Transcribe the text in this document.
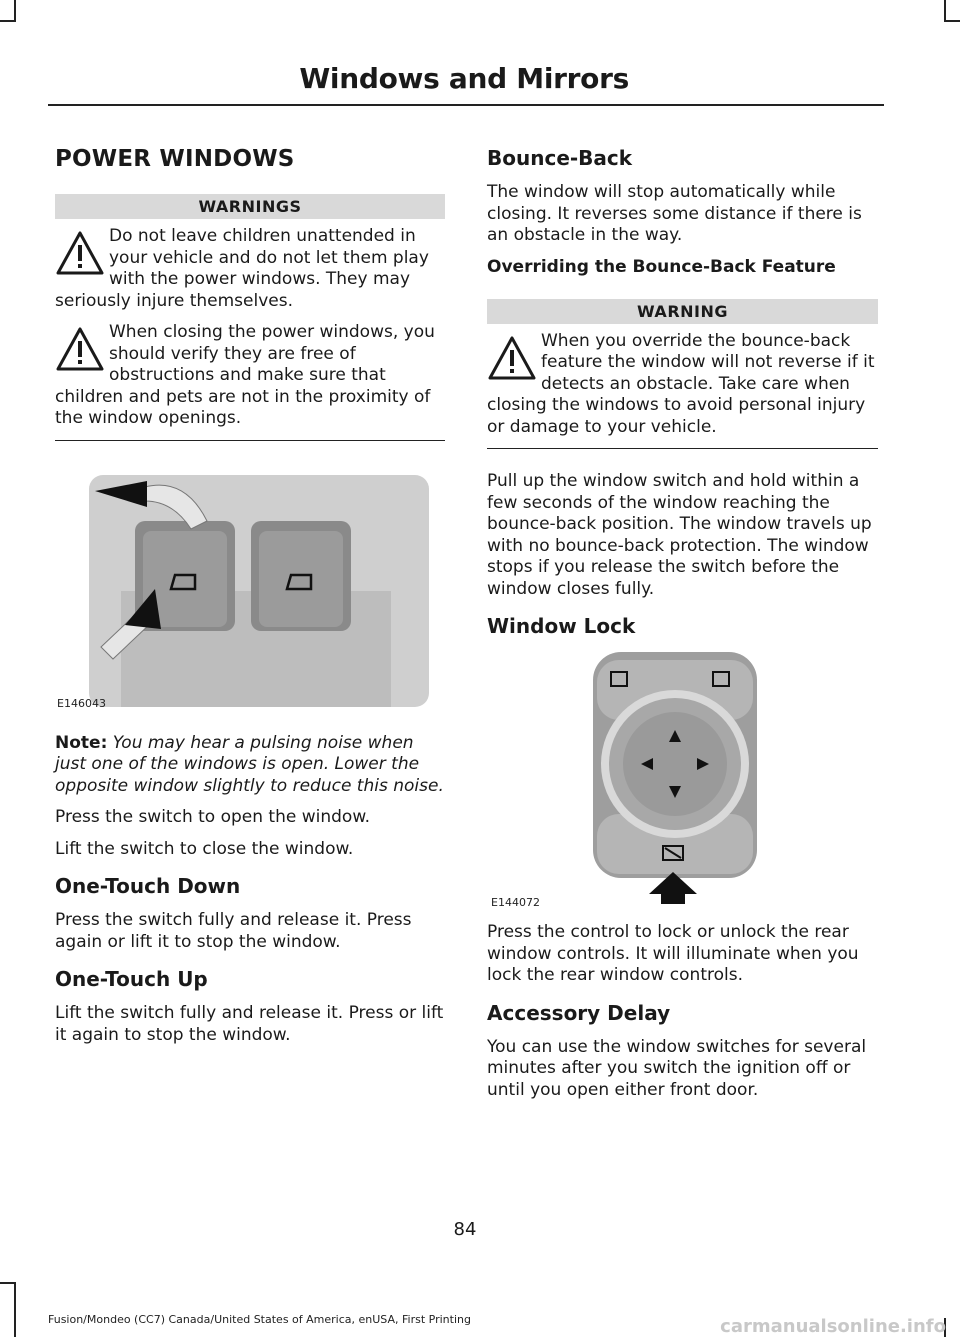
Windows and Mirrors
POWER WINDOWS
WARNINGS
Do not leave children unattended in your vehicle and do not let them play with the power windows. They may seriously injure themselves.
When closing the power windows, you should verify they are free of obstructions and make sure that children and pets are not in the proximity of the window openings.
E146043

Note: You may hear a pulsing noise when just one of the windows is open. Lower the opposite window slightly to reduce this noise.

Press the switch to open the window.

Lift the switch to close the window.

One-Touch Down

Press the switch fully and release it. Press again or lift it to stop the window.

One-Touch Up

Lift the switch fully and release it. Press or lift it again to stop the window.

Bounce-Back

The window will stop automatically while closing. It reverses some distance if there is an obstacle in the way.

Overriding the Bounce-Back Feature
WARNING
When you override the bounce-back feature the window will not reverse if it detects an obstacle. Take care when closing the windows to avoid personal injury or damage to your vehicle.

Pull up the window switch and hold within a few seconds of the window reaching the bounce-back position. The window travels up with no bounce-back protection. The window stops if you release the switch before the window closes fully.

Window Lock
E144072

Press the control to lock or unlock the rear window controls. It will illuminate when you lock the rear window controls.

Accessory Delay

You can use the window switches for several minutes after you switch the ignition off or until you open either front door.

84
Fusion/Mondeo (CC7) Canada/United States of America, enUSA, First Printing	carmanualsonline.info
